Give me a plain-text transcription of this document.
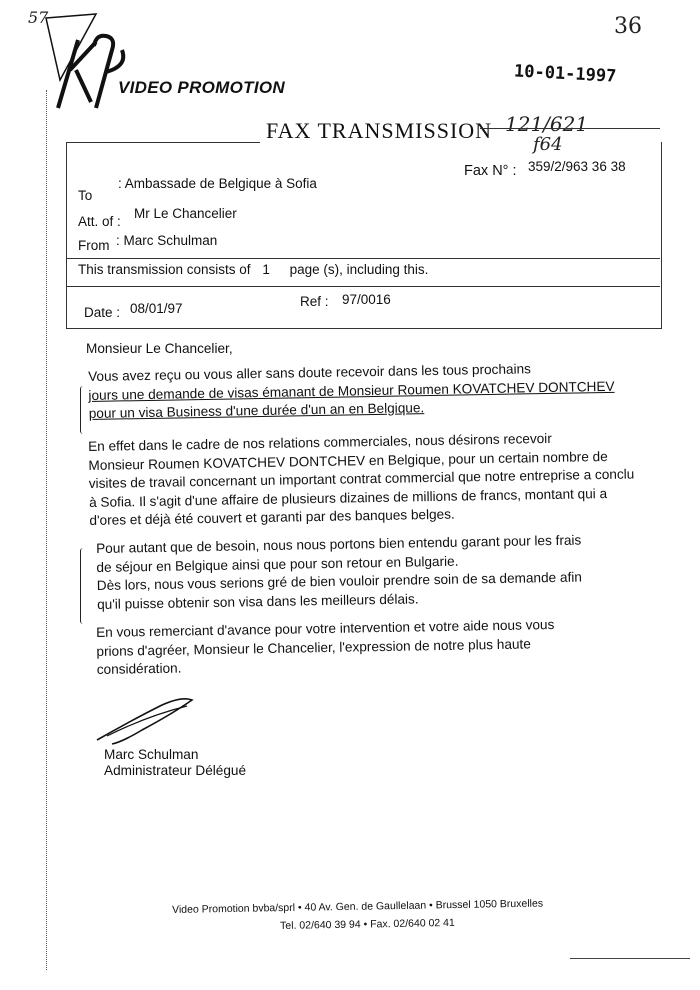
57	36
10-01-1997
121/621
f64
VIDEO PROMOTION
FAX TRANSMISSION
Fax N° : 359/2/963 36 38
To
: Ambassade de Belgique à Sofia
Att. of :
Mr Le Chancelier
From : Marc Schulman
This transmission consists of 1 page (s), including this.
Date : 08/01/97	Ref : 97/0016
Monsieur Le Chancelier,
Vous avez reçu ou vous aller sans doute recevoir dans les tous prochains
jours une demande de visas émanant de Monsieur Roumen KOVATCHEV DONTCHEV
pour un visa Business d'une durée d'un an en Belgique.
En effet dans le cadre de nos relations commerciales, nous désirons recevoir
Monsieur Roumen KOVATCHEV DONTCHEV en Belgique, pour un certain nombre de
visites de travail concernant un important contrat commercial que notre entreprise a conclu
à Sofia. Il s'agit d'une affaire de plusieurs dizaines de millions de francs, montant qui a
d'ores et déjà été couvert et garanti par des banques belges.
Pour autant que de besoin, nous nous portons bien entendu garant pour les frais
de séjour en Belgique ainsi que pour son retour en Bulgarie.
Dès lors, nous vous serions gré de bien vouloir prendre soin de sa demande afin
qu'il puisse obtenir son visa dans les meilleurs délais.
En vous remerciant d'avance pour votre intervention et votre aide nous vous
prions d'agréer, Monsieur le Chancelier, l'expression de notre plus haute
considération.
Marc Schulman
Administrateur Délégué
Video Promotion bvba/sprl • 40 Av. Gen. de Gaullelaan • Brussel 1050 Bruxelles
Tel. 02/640 39 94 • Fax. 02/640 02 41
